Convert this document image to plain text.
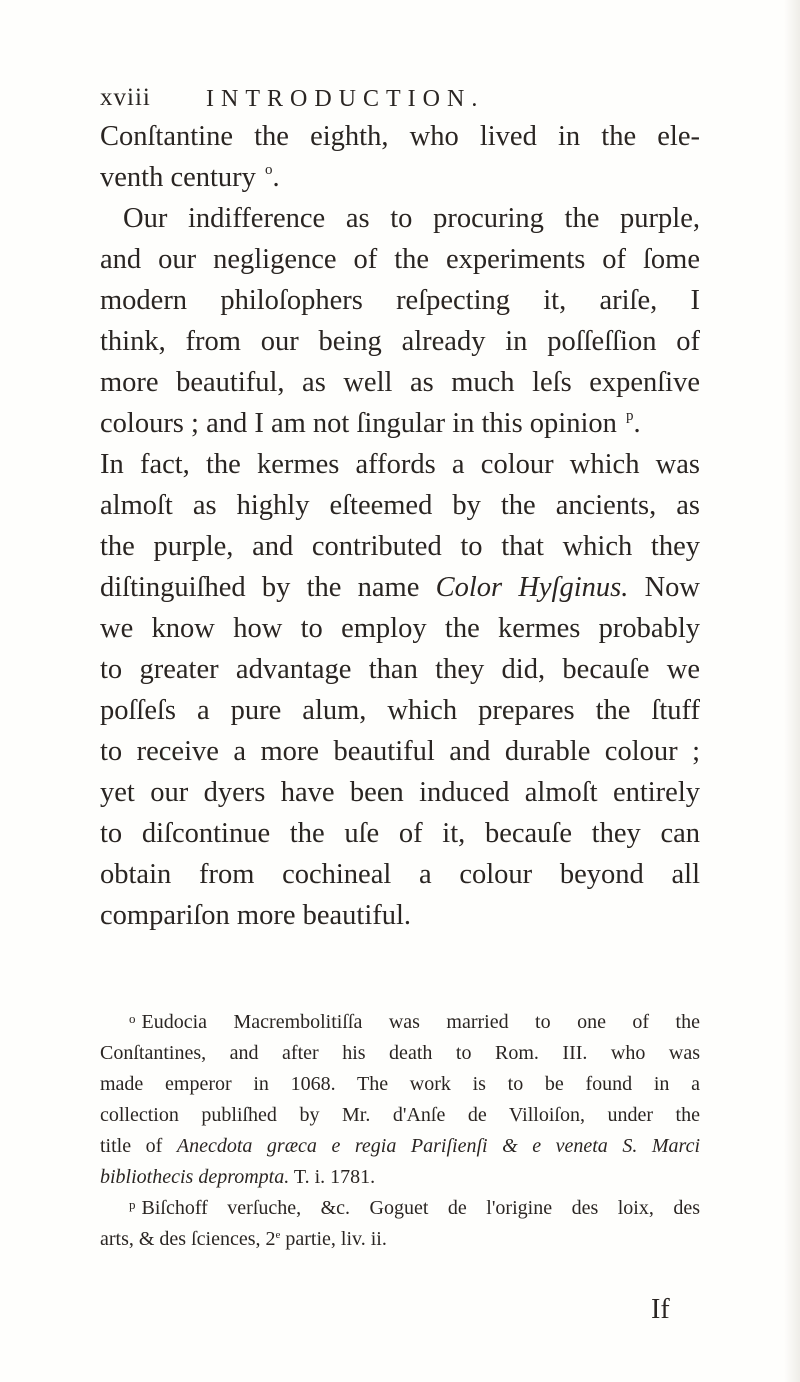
xviii INTRODUCTION.
Conſtantine the eighth, who lived in the ele-
venth century $^o$.
Our indifference as to procuring the purple,
and our negligence of the experiments of ſome
modern philoſophers reſpecting it, ariſe, I
think, from our being already in poſſeſſion of
more beautiful, as well as much leſs expenſive
colours ; and I am not ſingular in this opinion $^p$.
In fact, the kermes affords a colour which was
almoſt as highly eſteemed by the ancients, as
the purple, and contributed to that which they
diſtinguiſhed by the name Color Hyſginus. Now
we know how to employ the kermes probably
to greater advantage than they did, becauſe we
poſſeſs a pure alum, which prepares the ſtuff
to receive a more beautiful and durable colour ;
yet our dyers have been induced almoſt entirely
to diſcontinue the uſe of it, becauſe they can
obtain from cochineal a colour beyond all
compariſon more beautiful.
$^o$ Eudocia Macrembolitiſſa was married to one of the
Conſtantines, and after his death to Rom. III. who was
made emperor in 1068. The work is to be found in a
collection publiſhed by Mr. d'Anſe de Villoiſon, under the
title of Anecdota græca e regia Pariſienſi & e veneta S. Marci
bibliothecis deprompta. T. i. 1781.
$^p$ Biſchoff verſuche, &c. Goguet de l'origine des loix, des
arts, & des ſciences, 2e partie, liv. ii.
If
